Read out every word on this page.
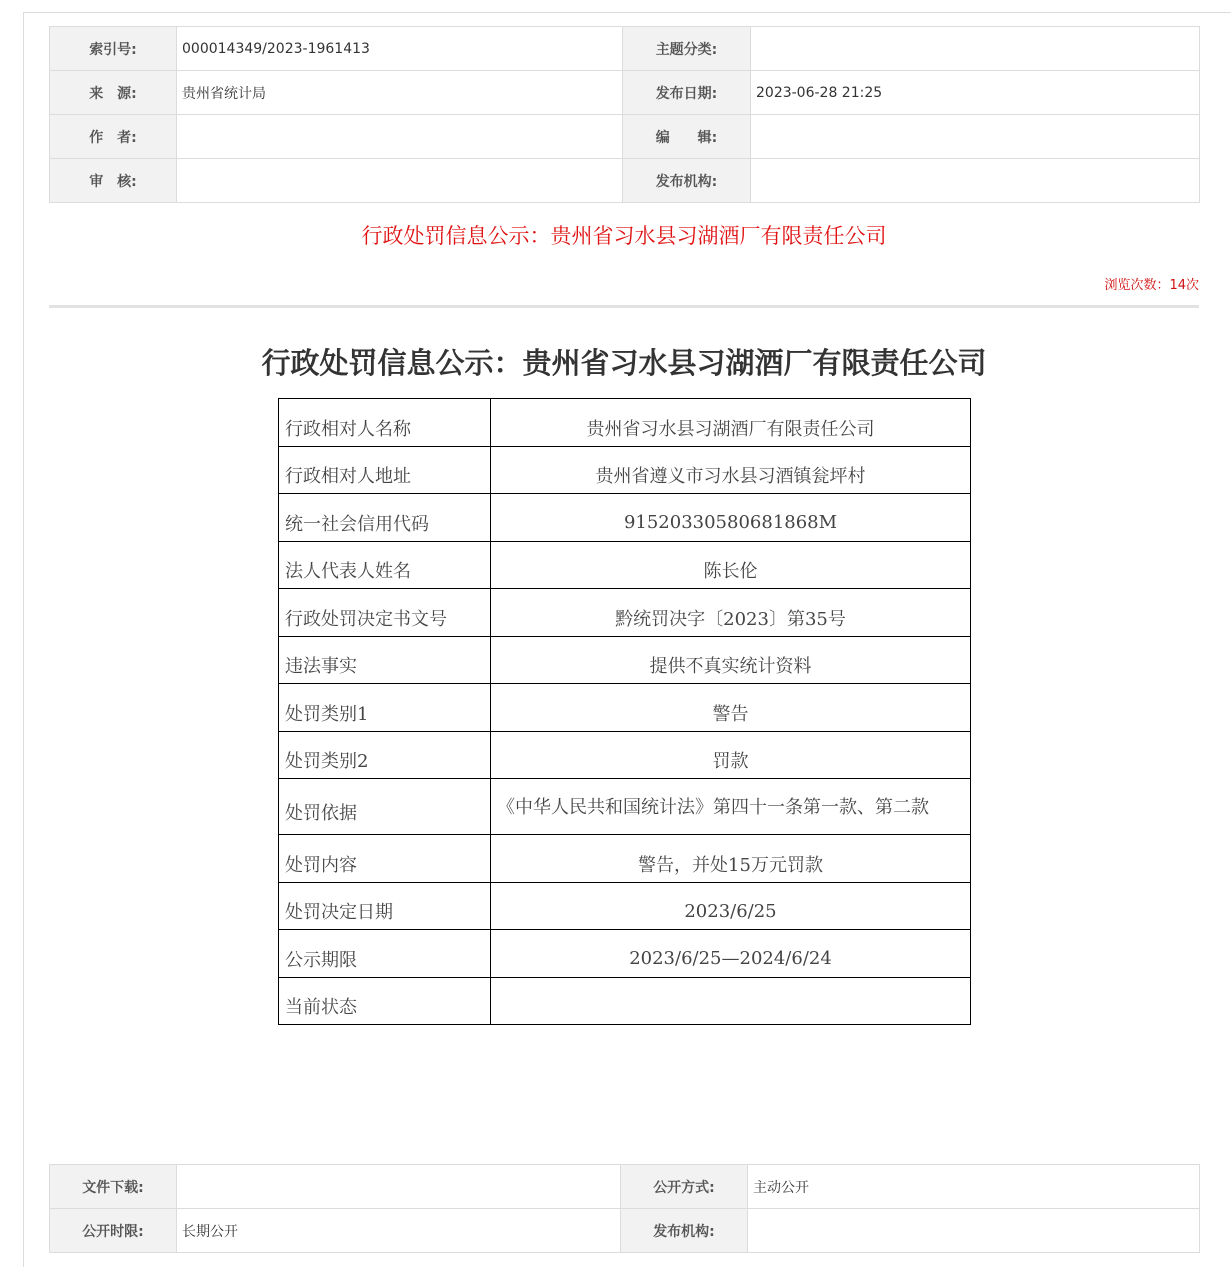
索引号:	000014349/2023-1961413	主题分类:	
来　源:	贵州省统计局	发布日期:	2023-06-28 21:25
作　者:		编　　辑:	
审　核:		发布机构:	
行政处罚信息公示：贵州省习水县习湖酒厂有限责任公司
浏览次数：14次
行政处罚信息公示：贵州省习水县习湖酒厂有限责任公司
行政相对人名称	贵州省习水县习湖酒厂有限责任公司
行政相对人地址	贵州省遵义市习水县习酒镇瓮坪村
统一社会信用代码	91520330580681868M
法人代表人姓名	陈长伦
行政处罚决定书文号	黔统罚决字〔2023〕第35号
违法事实	提供不真实统计资料
处罚类别1	警告
处罚类别2	罚款
处罚依据	《中华人民共和国统计法》第四十一条第一款、第二款
处罚内容	警告，并处15万元罚款
处罚决定日期	2023/6/25
公示期限	2023/6/25—2024/6/24
当前状态	
文件下载:		公开方式:	主动公开
公开时限:	长期公开	发布机构:	
